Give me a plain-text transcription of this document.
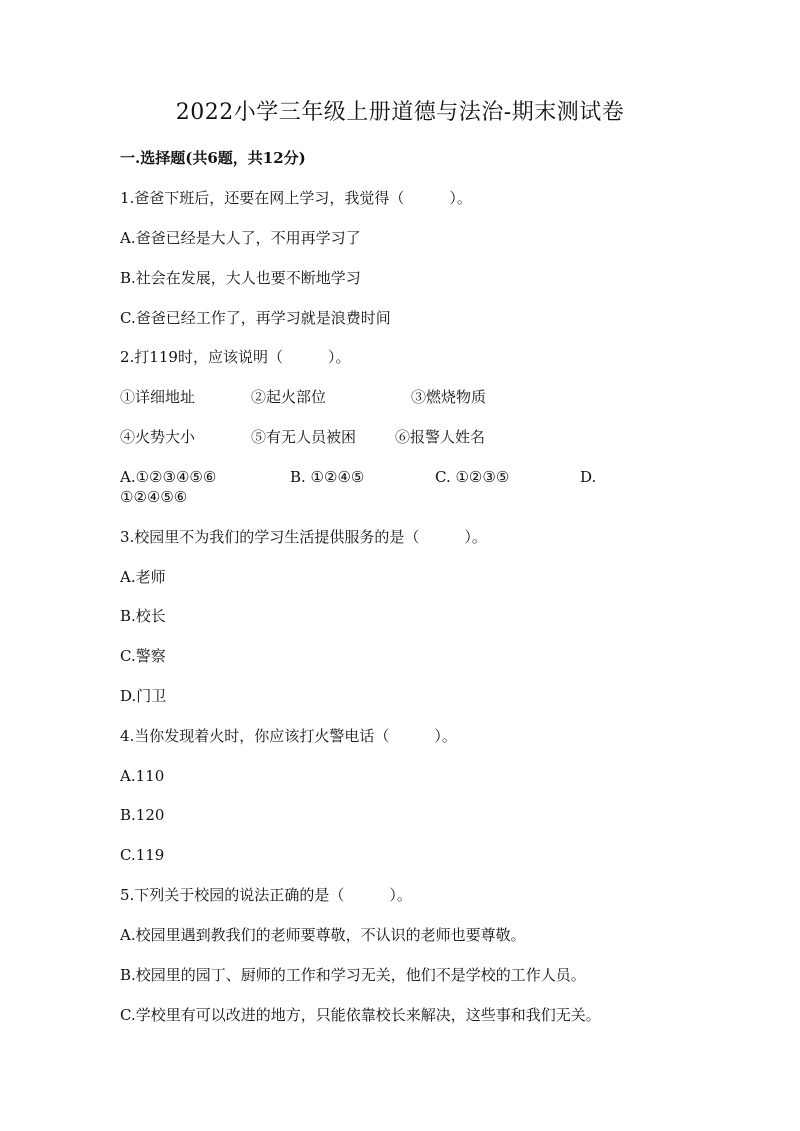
2022小学三年级上册道德与法治-期末测试卷
一.选择题(共6题，共12分)
1.爸爸下班后，还要在网上学习，我觉得（　　　）。
A.爸爸已经是大人了，不用再学习了
B.社会在发展，大人也要不断地学习
C.爸爸已经工作了，再学习就是浪费时间
2.打119时，应该说明（　　　）。
①详细地址	②起火部位	③燃烧物质
④火势大小	⑤有无人员被困	⑥报警人姓名
A.①②③④⑤⑥	B. ①②④⑤	C. ①②③⑤	D.
①②④⑤⑥
3.校园里不为我们的学习生活提供服务的是（　　　）。
A.老师
B.校长
C.警察
D.门卫
4.当你发现着火时，你应该打火警电话（　　　）。
A.110
B.120
C.119
5.下列关于校园的说法正确的是（　　　）。
A.校园里遇到教我们的老师要尊敬，不认识的老师也要尊敬。
B.校园里的园丁、厨师的工作和学习无关，他们不是学校的工作人员。
C.学校里有可以改进的地方，只能依靠校长来解决，这些事和我们无关。
